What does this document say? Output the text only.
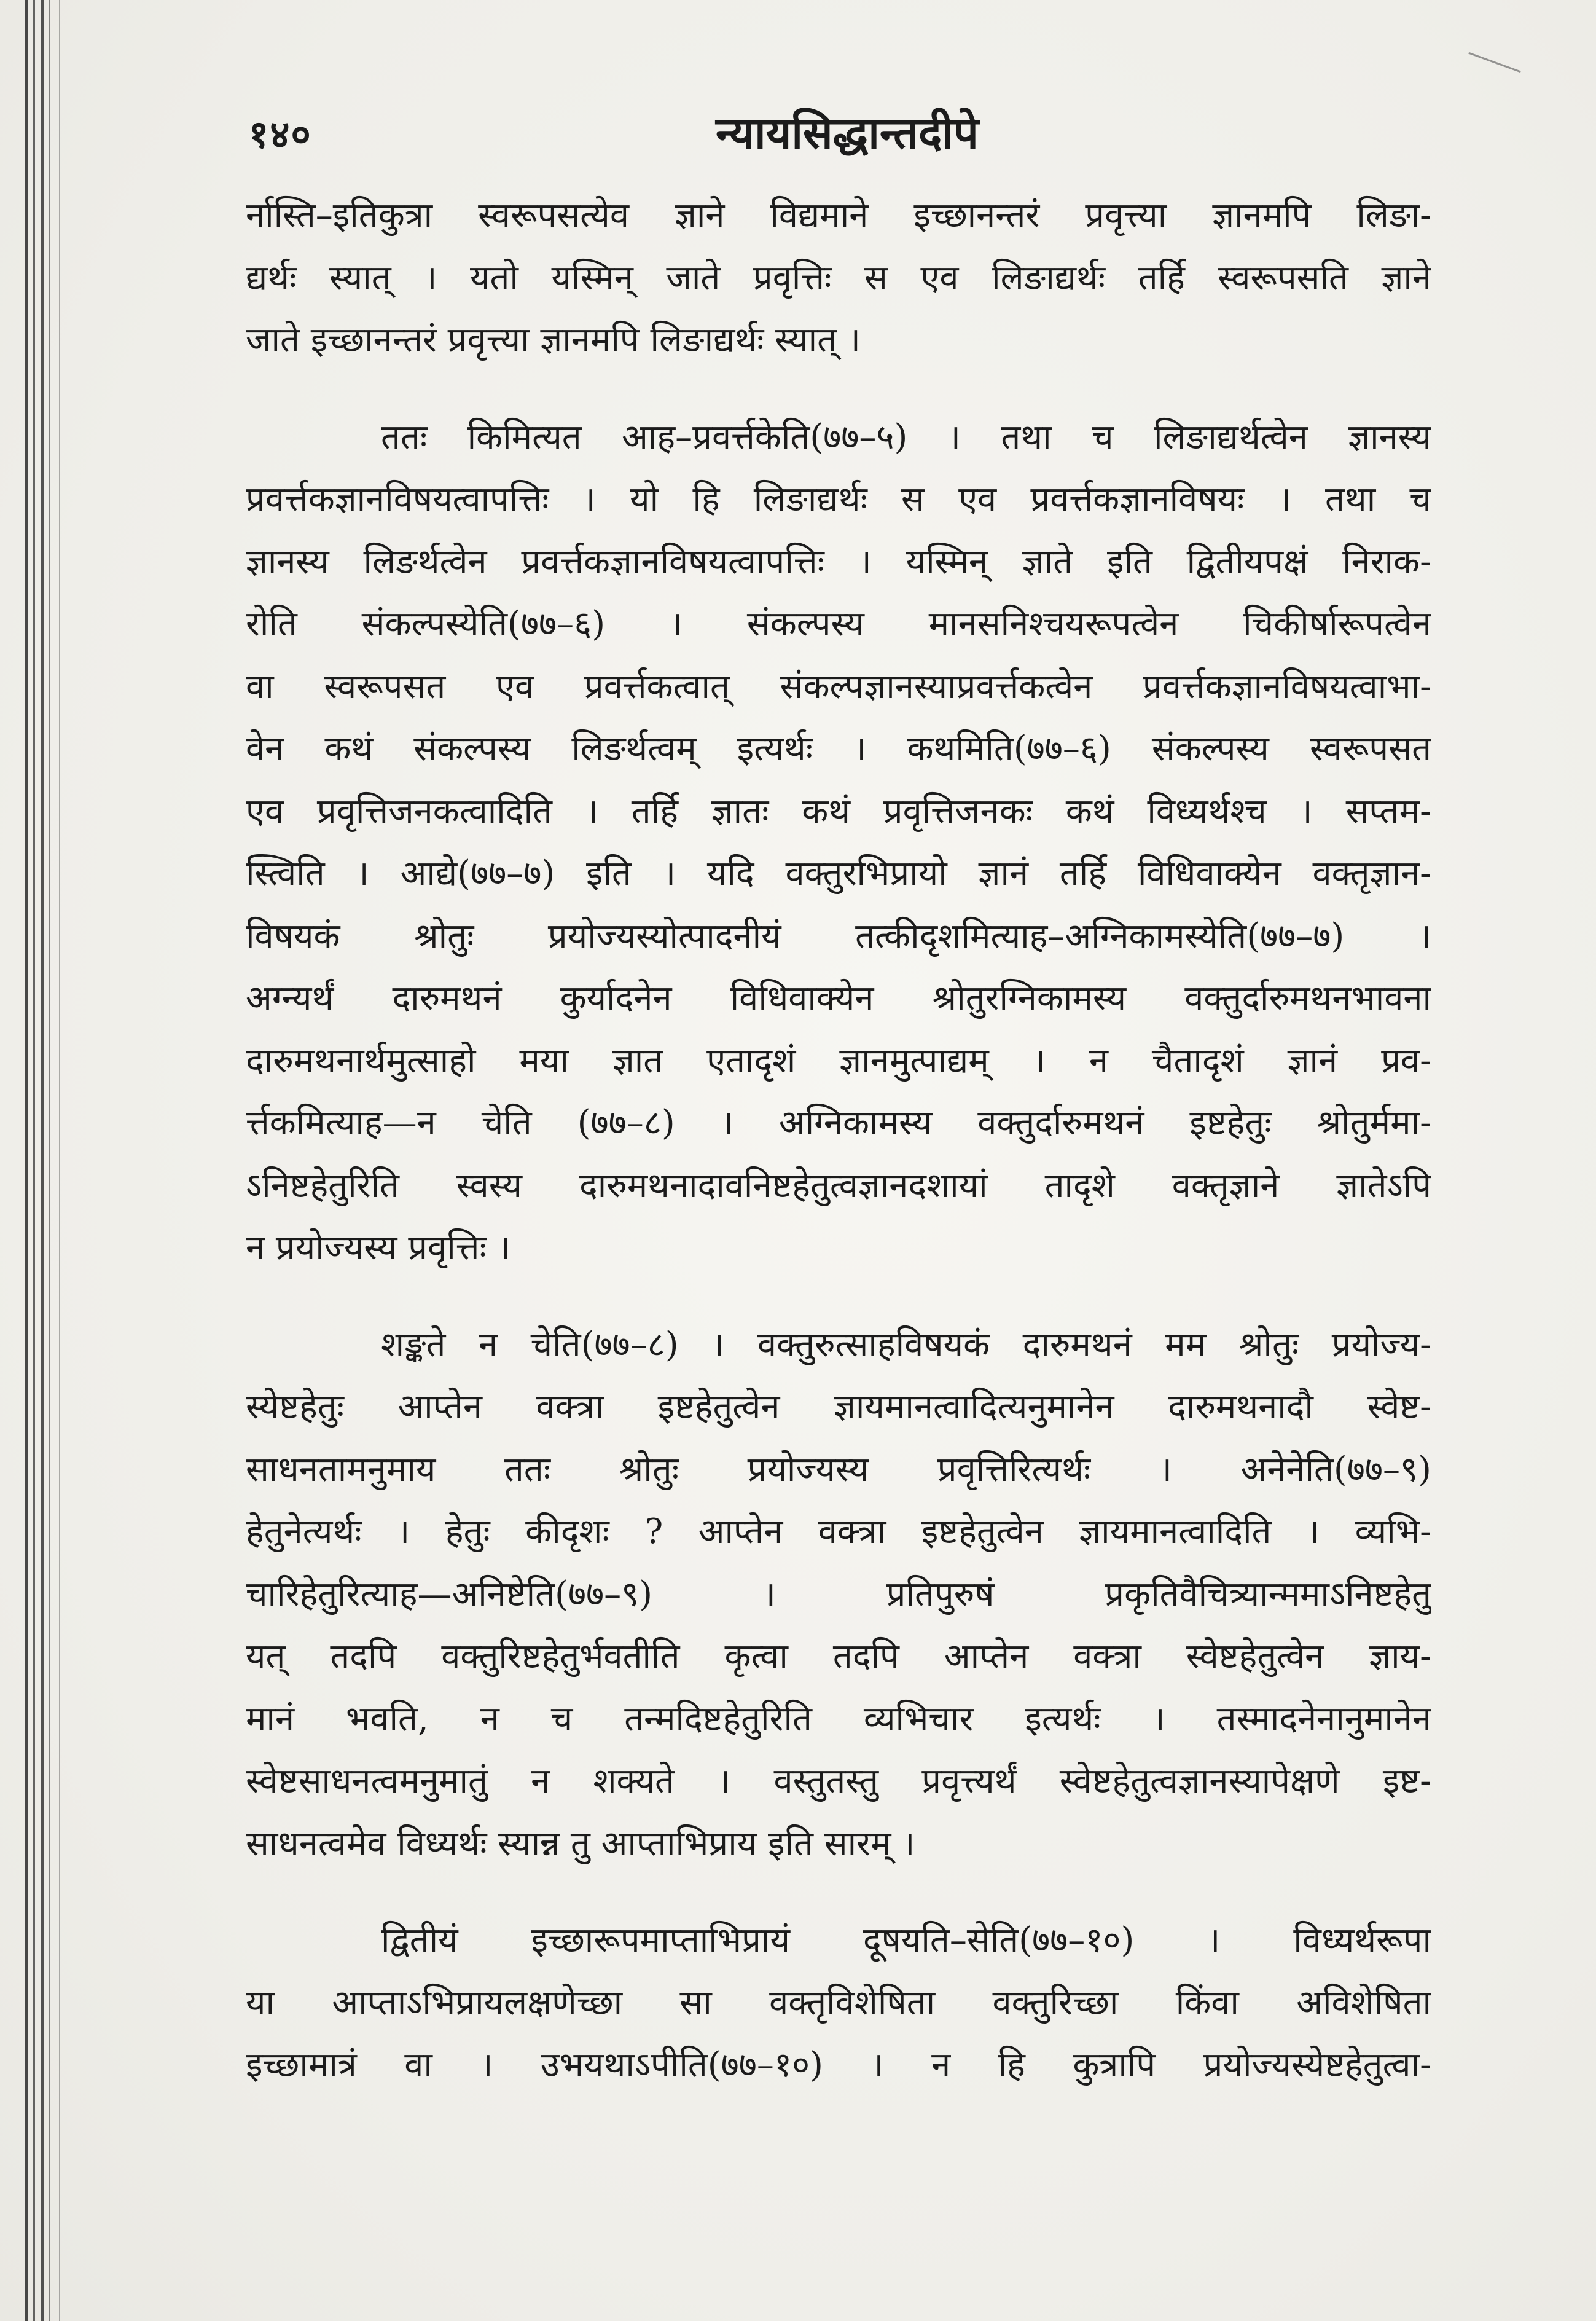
१४०	न्यायसिद्धान्तदीपे
र्नास्ति–इतिकुत्रा स्वरूपसत्येव ज्ञाने विद्यमाने इच्छानन्तरं प्रवृत्त्या ज्ञानमपि लिङा-
द्यर्थः स्यात् । यतो यस्मिन् जाते प्रवृत्तिः स एव लिङाद्यर्थः तर्हि स्वरूपसति ज्ञाने
जाते इच्छानन्तरं प्रवृत्त्या ज्ञानमपि लिङाद्यर्थः स्यात् ।
ततः किमित्यत आह–प्रवर्त्तकेति(७७–५) । तथा च लिङाद्यर्थत्वेन ज्ञानस्य
प्रवर्त्तकज्ञानविषयत्वापत्तिः । यो हि लिङाद्यर्थः स एव प्रवर्त्तकज्ञानविषयः । तथा च
ज्ञानस्य लिङर्थत्वेन प्रवर्त्तकज्ञानविषयत्वापत्तिः । यस्मिन् ज्ञाते इति द्वितीयपक्षं निराक-
रोति संकल्पस्येति(७७–६) । संकल्पस्य मानसनिश्चयरूपत्वेन चिकीर्षारूपत्वेन
वा स्वरूपसत एव प्रवर्त्तकत्वात् संकल्पज्ञानस्याप्रवर्त्तकत्वेन प्रवर्त्तकज्ञानविषयत्वाभा-
वेन कथं संकल्पस्य लिङर्थत्वम् इत्यर्थः । कथमिति(७७–६) संकल्पस्य स्वरूपसत
एव प्रवृत्तिजनकत्वादिति । तर्हि ज्ञातः कथं प्रवृत्तिजनकः कथं विध्यर्थश्च । सप्तम-
स्त्विति । आद्ये(७७–७) इति । यदि वक्तुरभिप्रायो ज्ञानं तर्हि विधिवाक्येन वक्तृज्ञान-
विषयकं श्रोतुः प्रयोज्यस्योत्पादनीयं तत्कीदृशमित्याह–अग्निकामस्येति(७७–७) ।
अग्न्यर्थं दारुमथनं कुर्यादनेन विधिवाक्येन श्रोतुरग्निकामस्य वक्तुर्दारुमथनभावना
दारुमथनार्थमुत्साहो मया ज्ञात एतादृशं ज्ञानमुत्पाद्यम् । न चैतादृशं ज्ञानं प्रव-
र्त्तकमित्याह—न चेति (७७–८) । अग्निकामस्य वक्तुर्दारुमथनं इष्टहेतुः श्रोतुर्ममा-
ऽनिष्टहेतुरिति स्वस्य दारुमथनादावनिष्टहेतुत्वज्ञानदशायां तादृशे वक्तृज्ञाने ज्ञातेऽपि
न प्रयोज्यस्य प्रवृत्तिः ।
शङ्कते न चेति(७७–८) । वक्तुरुत्साहविषयकं दारुमथनं मम श्रोतुः प्रयोज्य-
स्येष्टहेतुः आप्तेन वक्त्रा इष्टहेतुत्वेन ज्ञायमानत्वादित्यनुमानेन दारुमथनादौ स्वेष्ट-
साधनतामनुमाय ततः श्रोतुः प्रयोज्यस्य प्रवृत्तिरित्यर्थः । अनेनेति(७७–९)
हेतुनेत्यर्थः । हेतुः कीदृशः ? आप्तेन वक्त्रा इष्टहेतुत्वेन ज्ञायमानत्वादिति । व्यभि-
चारिहेतुरित्याह—अनिष्टेति(७७–९) । प्रतिपुरुषं प्रकृतिवैचित्र्यान्ममाऽनिष्टहेतु
यत् तदपि वक्तुरिष्टहेतुर्भवतीति कृत्वा तदपि आप्तेन वक्त्रा स्वेष्टहेतुत्वेन ज्ञाय-
मानं भवति, न च तन्मदिष्टहेतुरिति व्यभिचार इत्यर्थः । तस्मादनेनानुमानेन
स्वेष्टसाधनत्वमनुमातुं न शक्यते । वस्तुतस्तु प्रवृत्त्यर्थं स्वेष्टहेतुत्वज्ञानस्यापेक्षणे इष्ट-
साधनत्वमेव विध्यर्थः स्यान्न तु आप्ताभिप्राय इति सारम् ।
द्वितीयं इच्छारूपमाप्ताभिप्रायं दूषयति–सेति(७७–१०) । विध्यर्थरूपा
या आप्ताऽभिप्रायलक्षणेच्छा सा वक्तृविशेषिता वक्तुरिच्छा किंवा अविशेषिता
इच्छामात्रं वा । उभयथाऽपीति(७७–१०) । न हि कुत्रापि प्रयोज्यस्येष्टहेतुत्वा-
